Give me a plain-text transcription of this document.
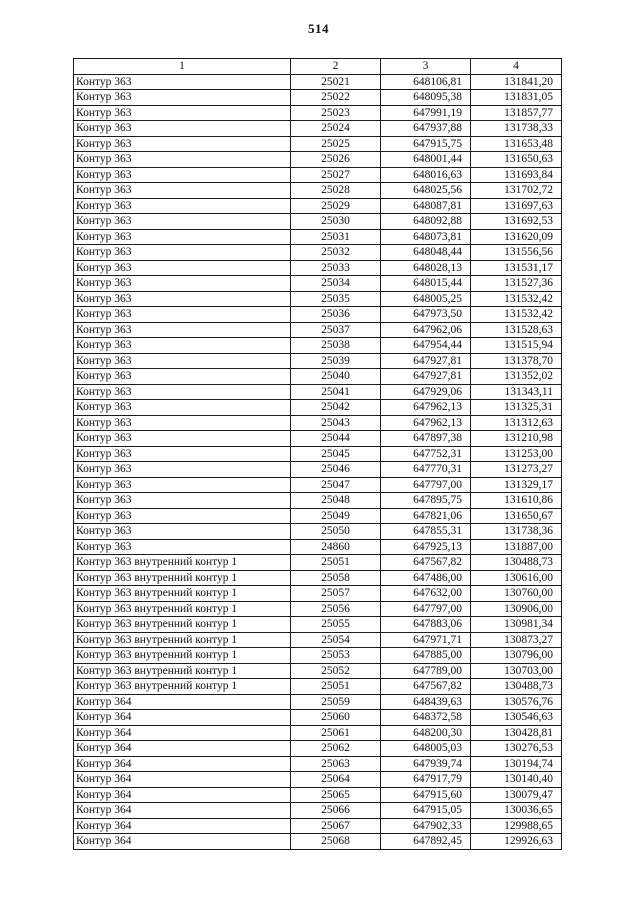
514
1	2	3	4
Контур 363	25021	648106,81	131841,20
Контур 363	25022	648095,38	131831,05
Контур 363	25023	647991,19	131857,77
Контур 363	25024	647937,88	131738,33
Контур 363	25025	647915,75	131653,48
Контур 363	25026	648001,44	131650,63
Контур 363	25027	648016,63	131693,84
Контур 363	25028	648025,56	131702,72
Контур 363	25029	648087,81	131697,63
Контур 363	25030	648092,88	131692,53
Контур 363	25031	648073,81	131620,09
Контур 363	25032	648048,44	131556,56
Контур 363	25033	648028,13	131531,17
Контур 363	25034	648015,44	131527,36
Контур 363	25035	648005,25	131532,42
Контур 363	25036	647973,50	131532,42
Контур 363	25037	647962,06	131528,63
Контур 363	25038	647954,44	131515,94
Контур 363	25039	647927,81	131378,70
Контур 363	25040	647927,81	131352,02
Контур 363	25041	647929,06	131343,11
Контур 363	25042	647962,13	131325,31
Контур 363	25043	647962,13	131312,63
Контур 363	25044	647897,38	131210,98
Контур 363	25045	647752,31	131253,00
Контур 363	25046	647770,31	131273,27
Контур 363	25047	647797,00	131329,17
Контур 363	25048	647895,75	131610,86
Контур 363	25049	647821,06	131650,67
Контур 363	25050	647855,31	131738,36
Контур 363	24860	647925,13	131887,00
Контур 363 внутренний контур 1	25051	647567,82	130488,73
Контур 363 внутренний контур 1	25058	647486,00	130616,00
Контур 363 внутренний контур 1	25057	647632,00	130760,00
Контур 363 внутренний контур 1	25056	647797,00	130906,00
Контур 363 внутренний контур 1	25055	647883,06	130981,34
Контур 363 внутренний контур 1	25054	647971,71	130873,27
Контур 363 внутренний контур 1	25053	647885,00	130796,00
Контур 363 внутренний контур 1	25052	647789,00	130703,00
Контур 363 внутренний контур 1	25051	647567,82	130488,73
Контур 364	25059	648439,63	130576,76
Контур 364	25060	648372,58	130546,63
Контур 364	25061	648200,30	130428,81
Контур 364	25062	648005,03	130276,53
Контур 364	25063	647939,74	130194,74
Контур 364	25064	647917,79	130140,40
Контур 364	25065	647915,60	130079,47
Контур 364	25066	647915,05	130036,65
Контур 364	25067	647902,33	129988,65
Контур 364	25068	647892,45	129926,63
